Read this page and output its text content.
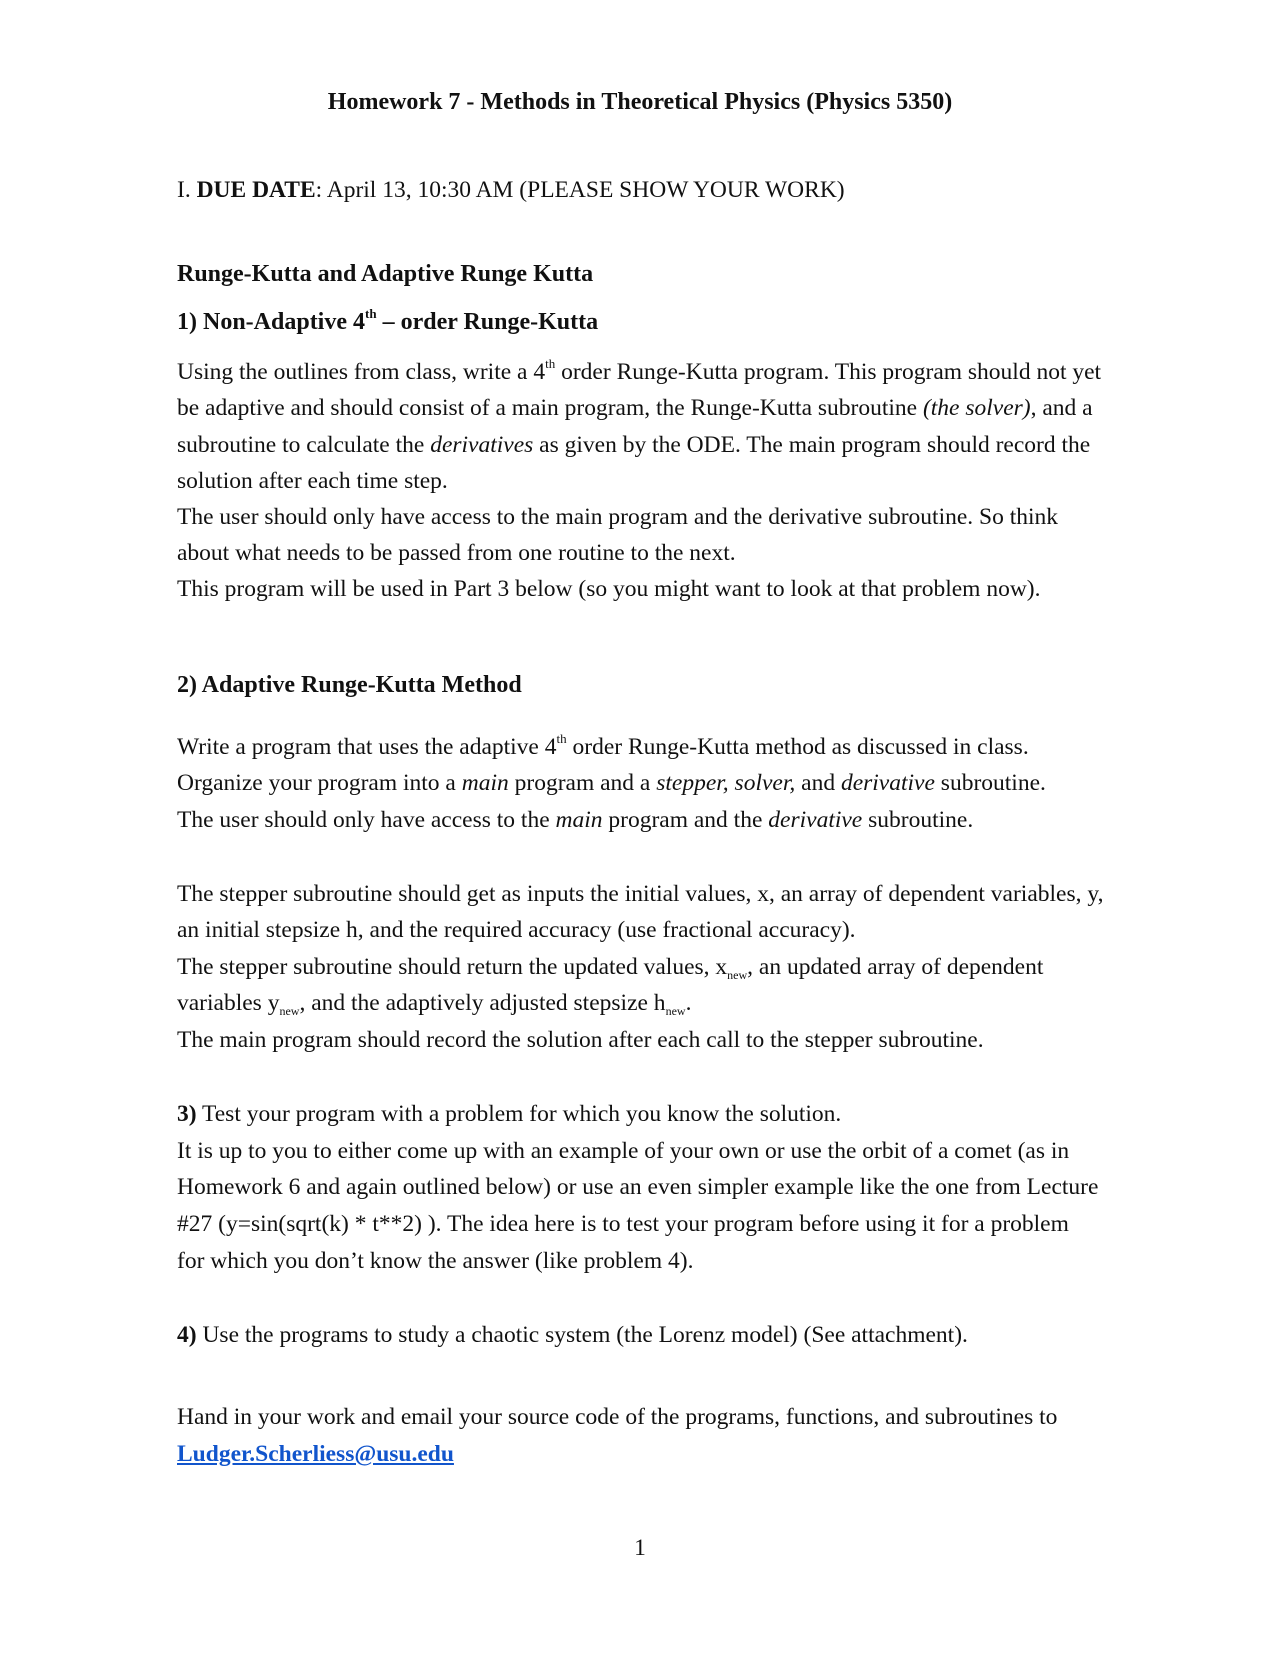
Homework 7 - Methods in Theoretical Physics (Physics 5350)
I. DUE DATE: April 13, 10:30 AM (PLEASE SHOW YOUR WORK)
Runge-Kutta and Adaptive Runge Kutta
1) Non-Adaptive 4th – order Runge-Kutta
Using the outlines from class, write a 4th order Runge-Kutta program. This program should not yet
be adaptive and should consist of a main program, the Runge-Kutta subroutine (the solver), and a
subroutine to calculate the derivatives as given by the ODE. The main program should record the
solution after each time step.
The user should only have access to the main program and the derivative subroutine. So think
about what needs to be passed from one routine to the next.
This program will be used in Part 3 below (so you might want to look at that problem now).
2) Adaptive Runge-Kutta Method
Write a program that uses the adaptive 4th order Runge-Kutta method as discussed in class.
Organize your program into a main program and a stepper, solver, and derivative subroutine.
The user should only have access to the main program and the derivative subroutine.
The stepper subroutine should get as inputs the initial values, x, an array of dependent variables, y,
an initial stepsize h, and the required accuracy (use fractional accuracy).
The stepper subroutine should return the updated values, $x_{new}$, an updated array of dependent
variables $y_{new}$, and the adaptively adjusted stepsize $h_{new}$.
The main program should record the solution after each call to the stepper subroutine.
3) Test your program with a problem for which you know the solution.
It is up to you to either come up with an example of your own or use the orbit of a comet (as in
Homework 6 and again outlined below) or use an even simpler example like the one from Lecture
#27 (y=sin(sqrt(k) * t**2) ). The idea here is to test your program before using it for a problem
for which you don’t know the answer (like problem 4).
4) Use the programs to study a chaotic system (the Lorenz model) (See attachment).
Hand in your work and email your source code of the programs, functions, and subroutines to
Ludger.Scherliess@usu.edu
1
